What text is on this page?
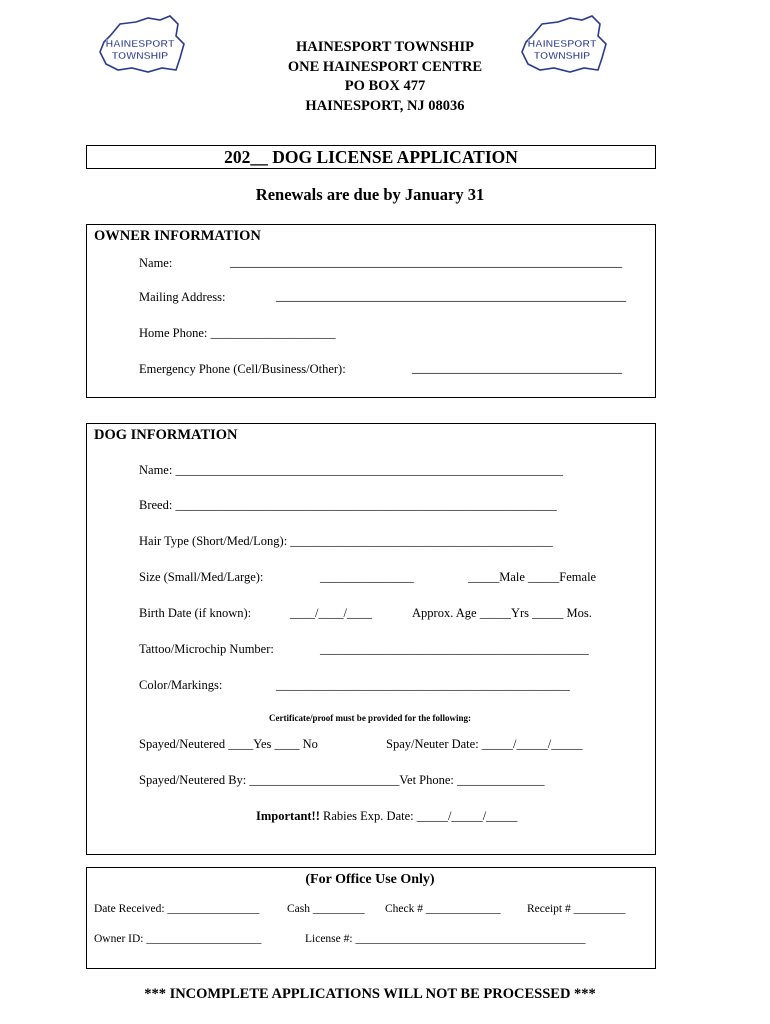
HAINESPORT
TOWNSHIP
HAINESPORT
TOWNSHIP
HAINESPORT TOWNSHIP
ONE HAINESPORT CENTRE
PO BOX 477
HAINESPORT, NJ 08036
202__ DOG LICENSE APPLICATION
Renewals are due by January 31
OWNER INFORMATION
Name:	________________________________________________________
Mailing Address:	__________________________________________________
Home Phone: ____________________
Emergency Phone (Cell/Business/Other):	______________________________
DOG INFORMATION
Name: ______________________________________________________________
Breed: _____________________________________________________________
Hair Type (Short/Med/Long): __________________________________________
Size (Small/Med/Large):	_______________	_____Male _____Female
Birth Date (if known):	____/____/____	Approx. Age _____Yrs _____ Mos.
Tattoo/Microchip Number:	___________________________________________
Color/Markings:	_______________________________________________
Certificate/proof must be provided for the following:
Spayed/Neutered ____Yes ____ No	Spay/Neuter Date: _____/_____/_____
Spayed/Neutered By: ________________________Vet Phone: ______________
Important!! Rabies Exp. Date: _____/_____/_____
(For Office Use Only)
Date Received: ________________ Cash _________ Check # _____________ Receipt # _________
Owner ID: ____________________	License #: ________________________________________
*** INCOMPLETE APPLICATIONS WILL NOT BE PROCESSED ***
